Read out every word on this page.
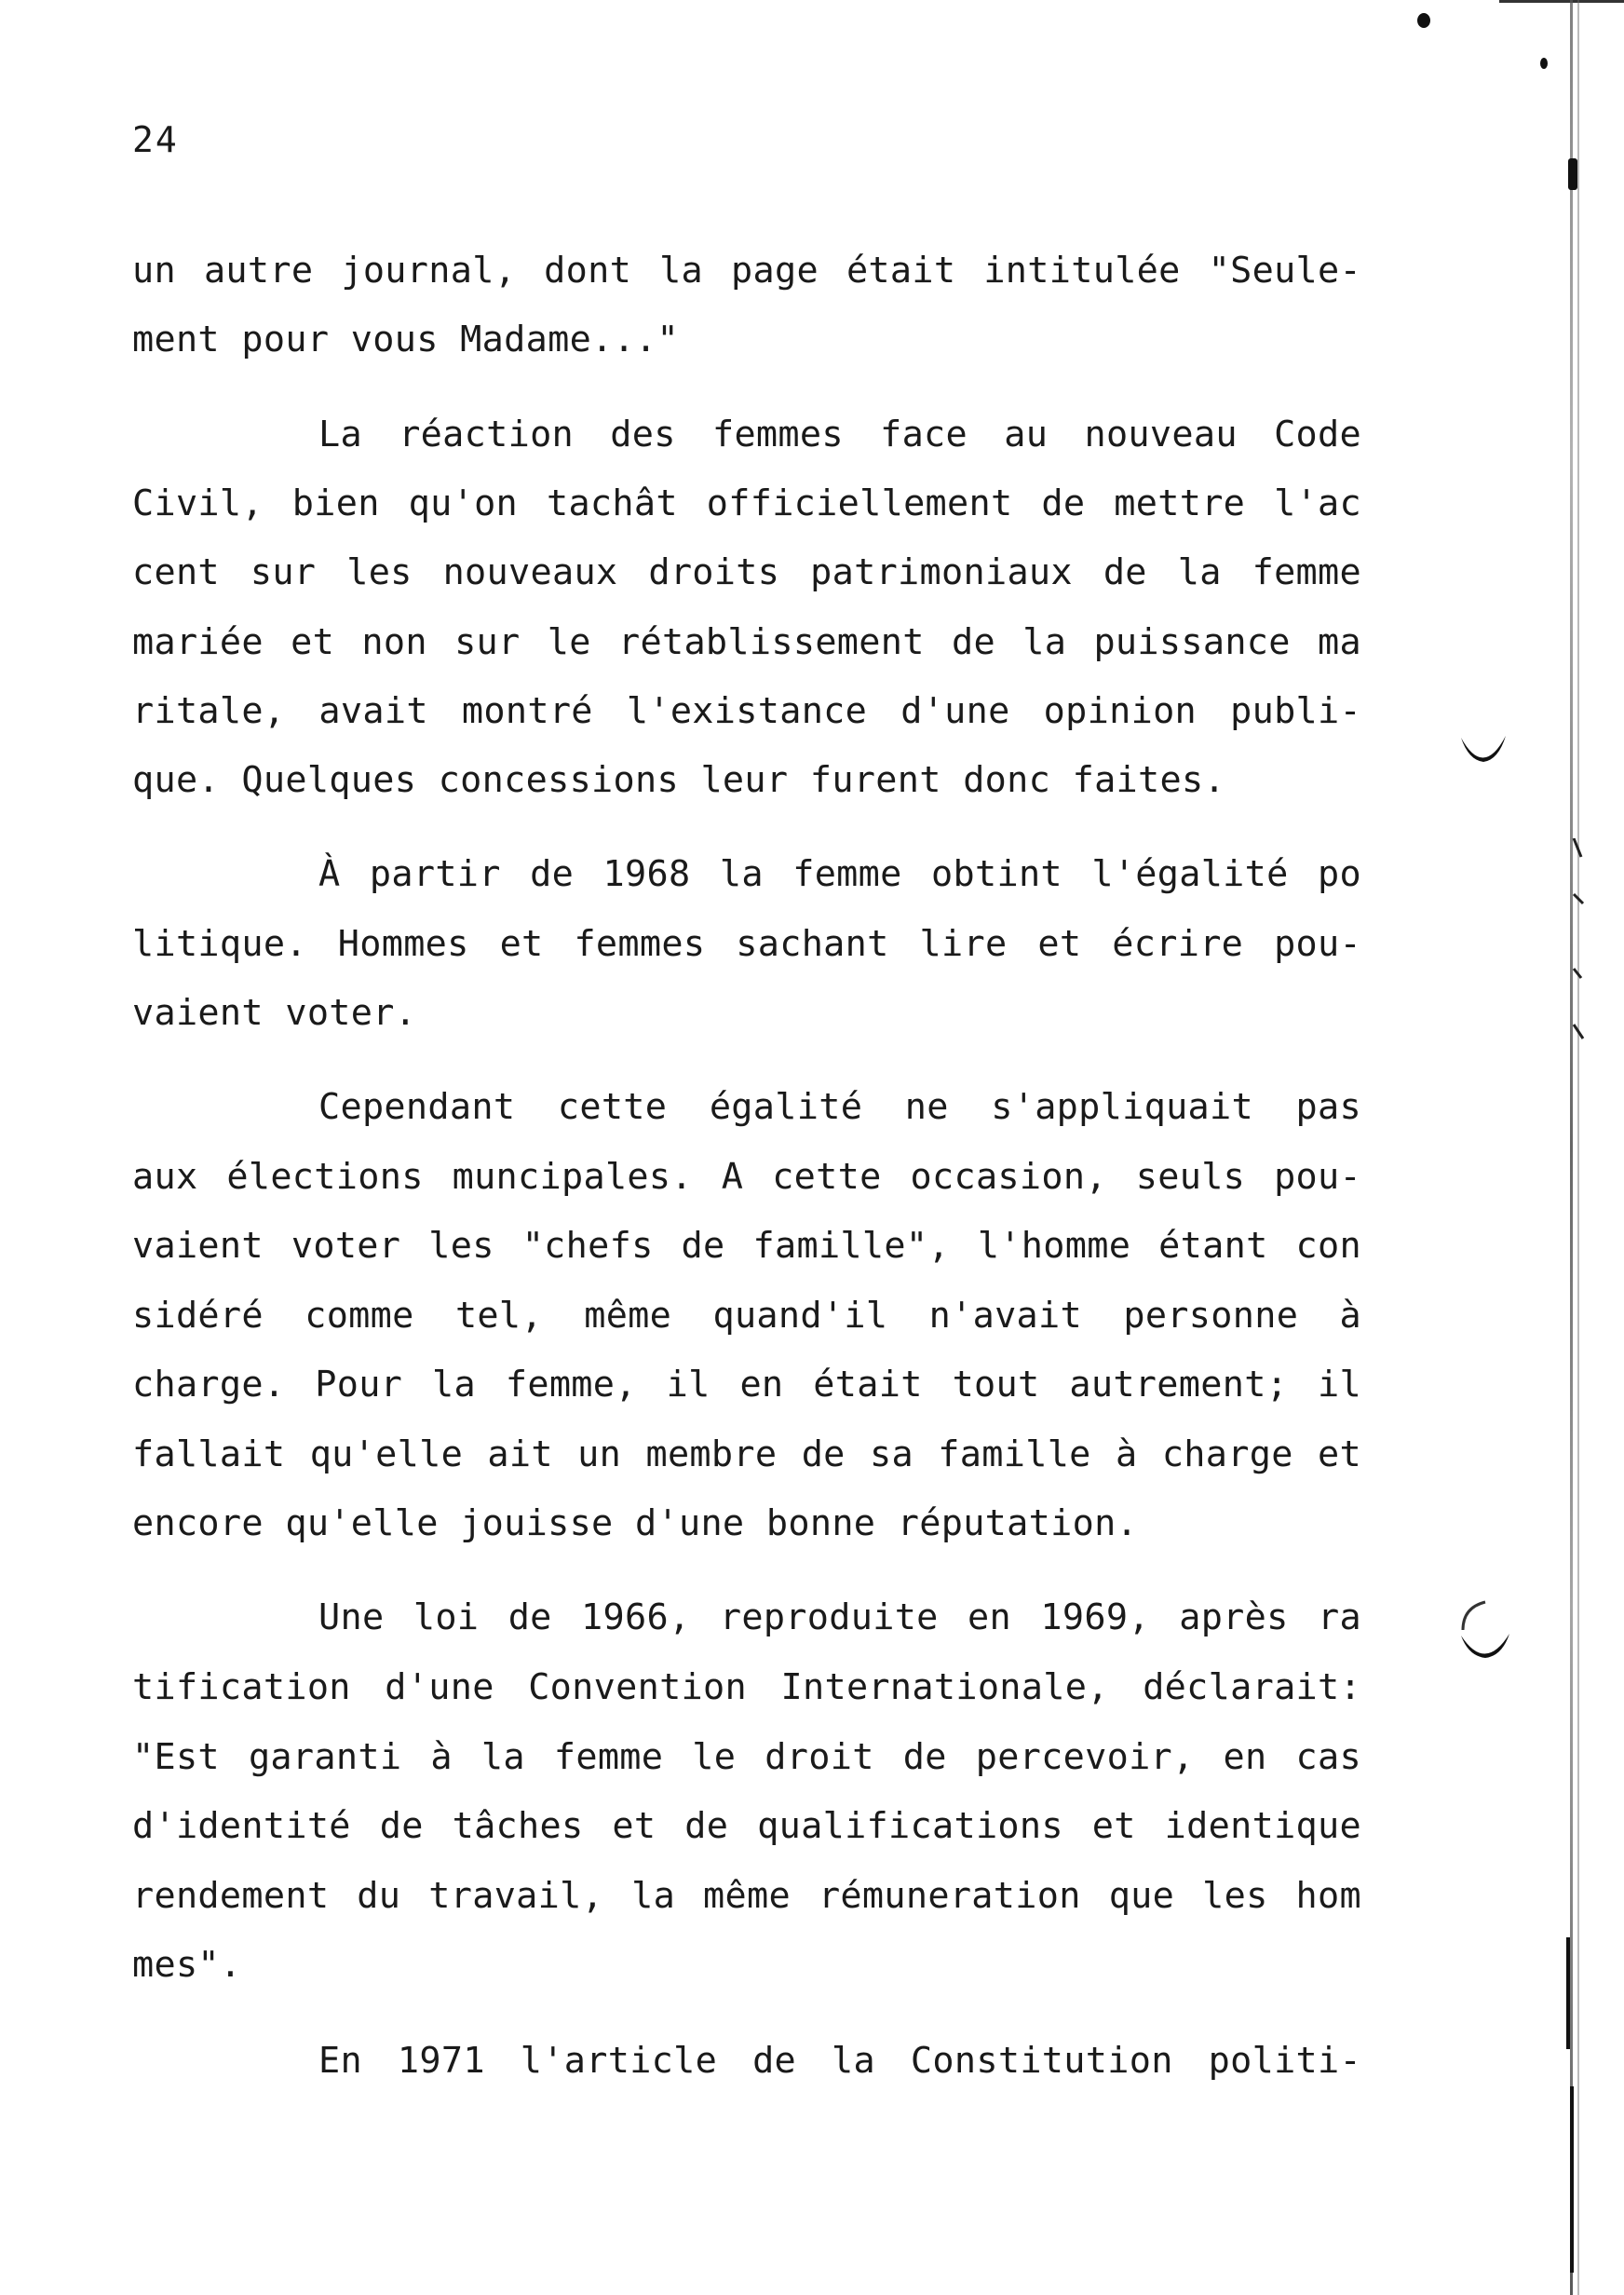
24
un autre journal, dont la page était intitulée "Seule-
ment pour vous Madame..."
La réaction des femmes face au nouveau Code
Civil, bien qu'on tachât officiellement de mettre l'ac
cent sur les nouveaux droits patrimoniaux de la femme
mariée et non sur le rétablissement de la puissance ma
ritale, avait montré l'existance d'une opinion publi-
que. Quelques concessions leur furent donc faites.
À partir de 1968 la femme obtint l'égalité po
litique. Hommes et femmes sachant lire et écrire pou-
vaient voter.
Cependant cette égalité ne s'appliquait pas
aux élections muncipales. A cette occasion, seuls pou-
vaient voter les "chefs de famille", l'homme étant con
sidéré comme tel, même quand'il n'avait personne à
charge. Pour la femme, il en était tout autrement; il
fallait qu'elle ait un membre de sa famille à charge et
encore qu'elle jouisse d'une bonne réputation.
Une loi de 1966, reproduite en 1969, après ra
tification d'une Convention Internationale, déclarait:
"Est garanti à la femme le droit de percevoir, en cas
d'identité de tâches et de qualifications et identique
rendement du travail, la même rémuneration que les hom
mes".
En 1971 l'article de la Constitution politi-
